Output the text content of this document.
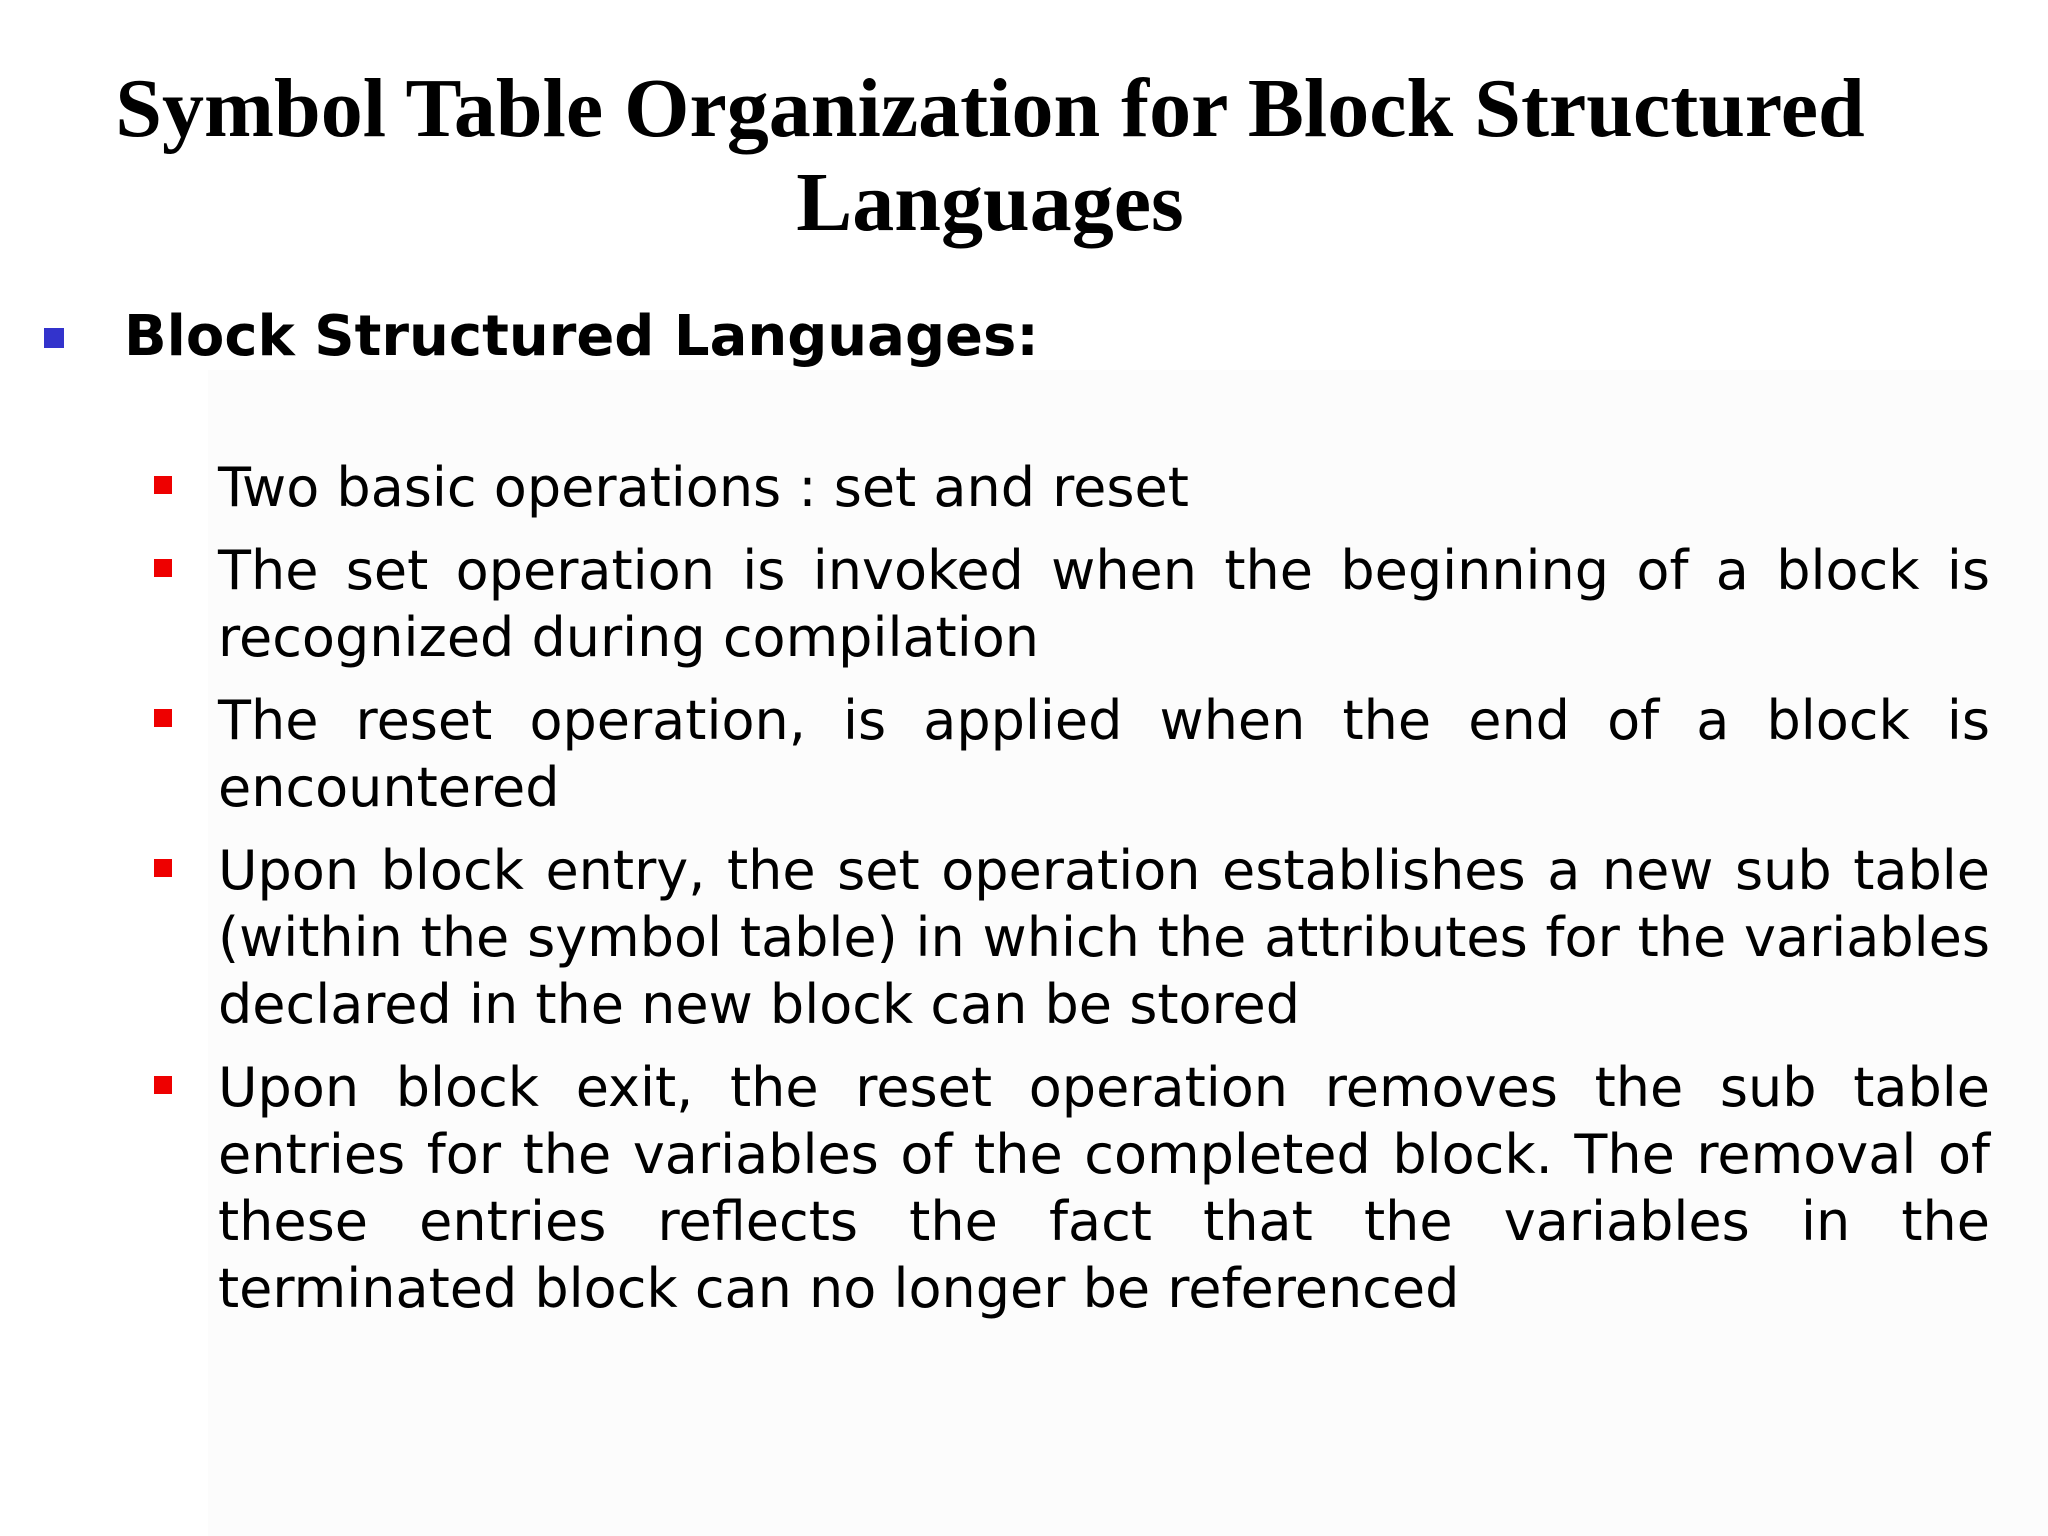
Symbol Table Organization for Block Structured Languages
Block Structured Languages:
Two basic operations : set and reset
The set operation is invoked when the beginning of a block is recognized during compilation
The reset operation, is applied when the end of a block is encountered
Upon block entry, the set operation establishes a new sub table (within the symbol table) in which the attributes for the variables declared in the new block can be stored
Upon block exit, the reset operation removes the sub table entries for the variables of the completed block. The removal of these entries reflects the fact that the variables in the terminated block can no longer be referenced
